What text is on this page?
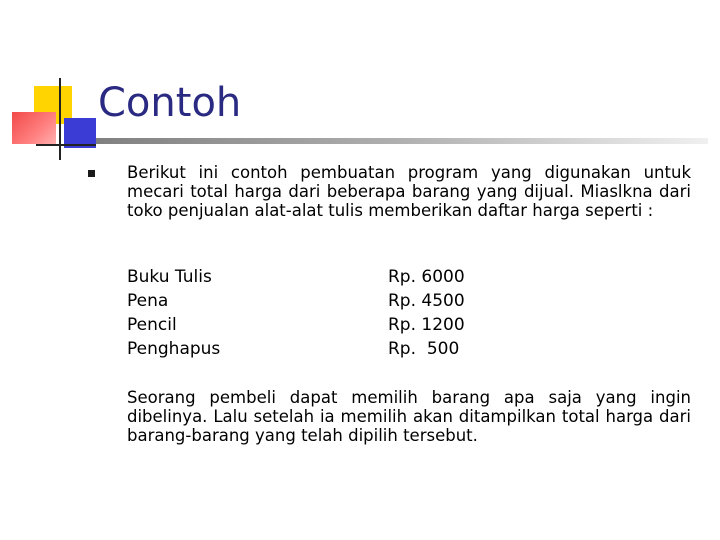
Contoh
Berikut ini contoh pembuatan program yang digunakan untuk mecari total harga dari beberapa barang yang dijual. Miaslkna dari toko penjualan alat-alat tulis memberikan daftar harga seperti :
Buku Tulis	Rp. 6000
Pena	Rp. 4500
Pencil	Rp. 1200
Penghapus	Rp.  500
Seorang pembeli dapat memilih barang apa saja yang ingin dibelinya. Lalu setelah ia memilih akan ditampilkan total harga dari barang-barang yang telah dipilih tersebut.
